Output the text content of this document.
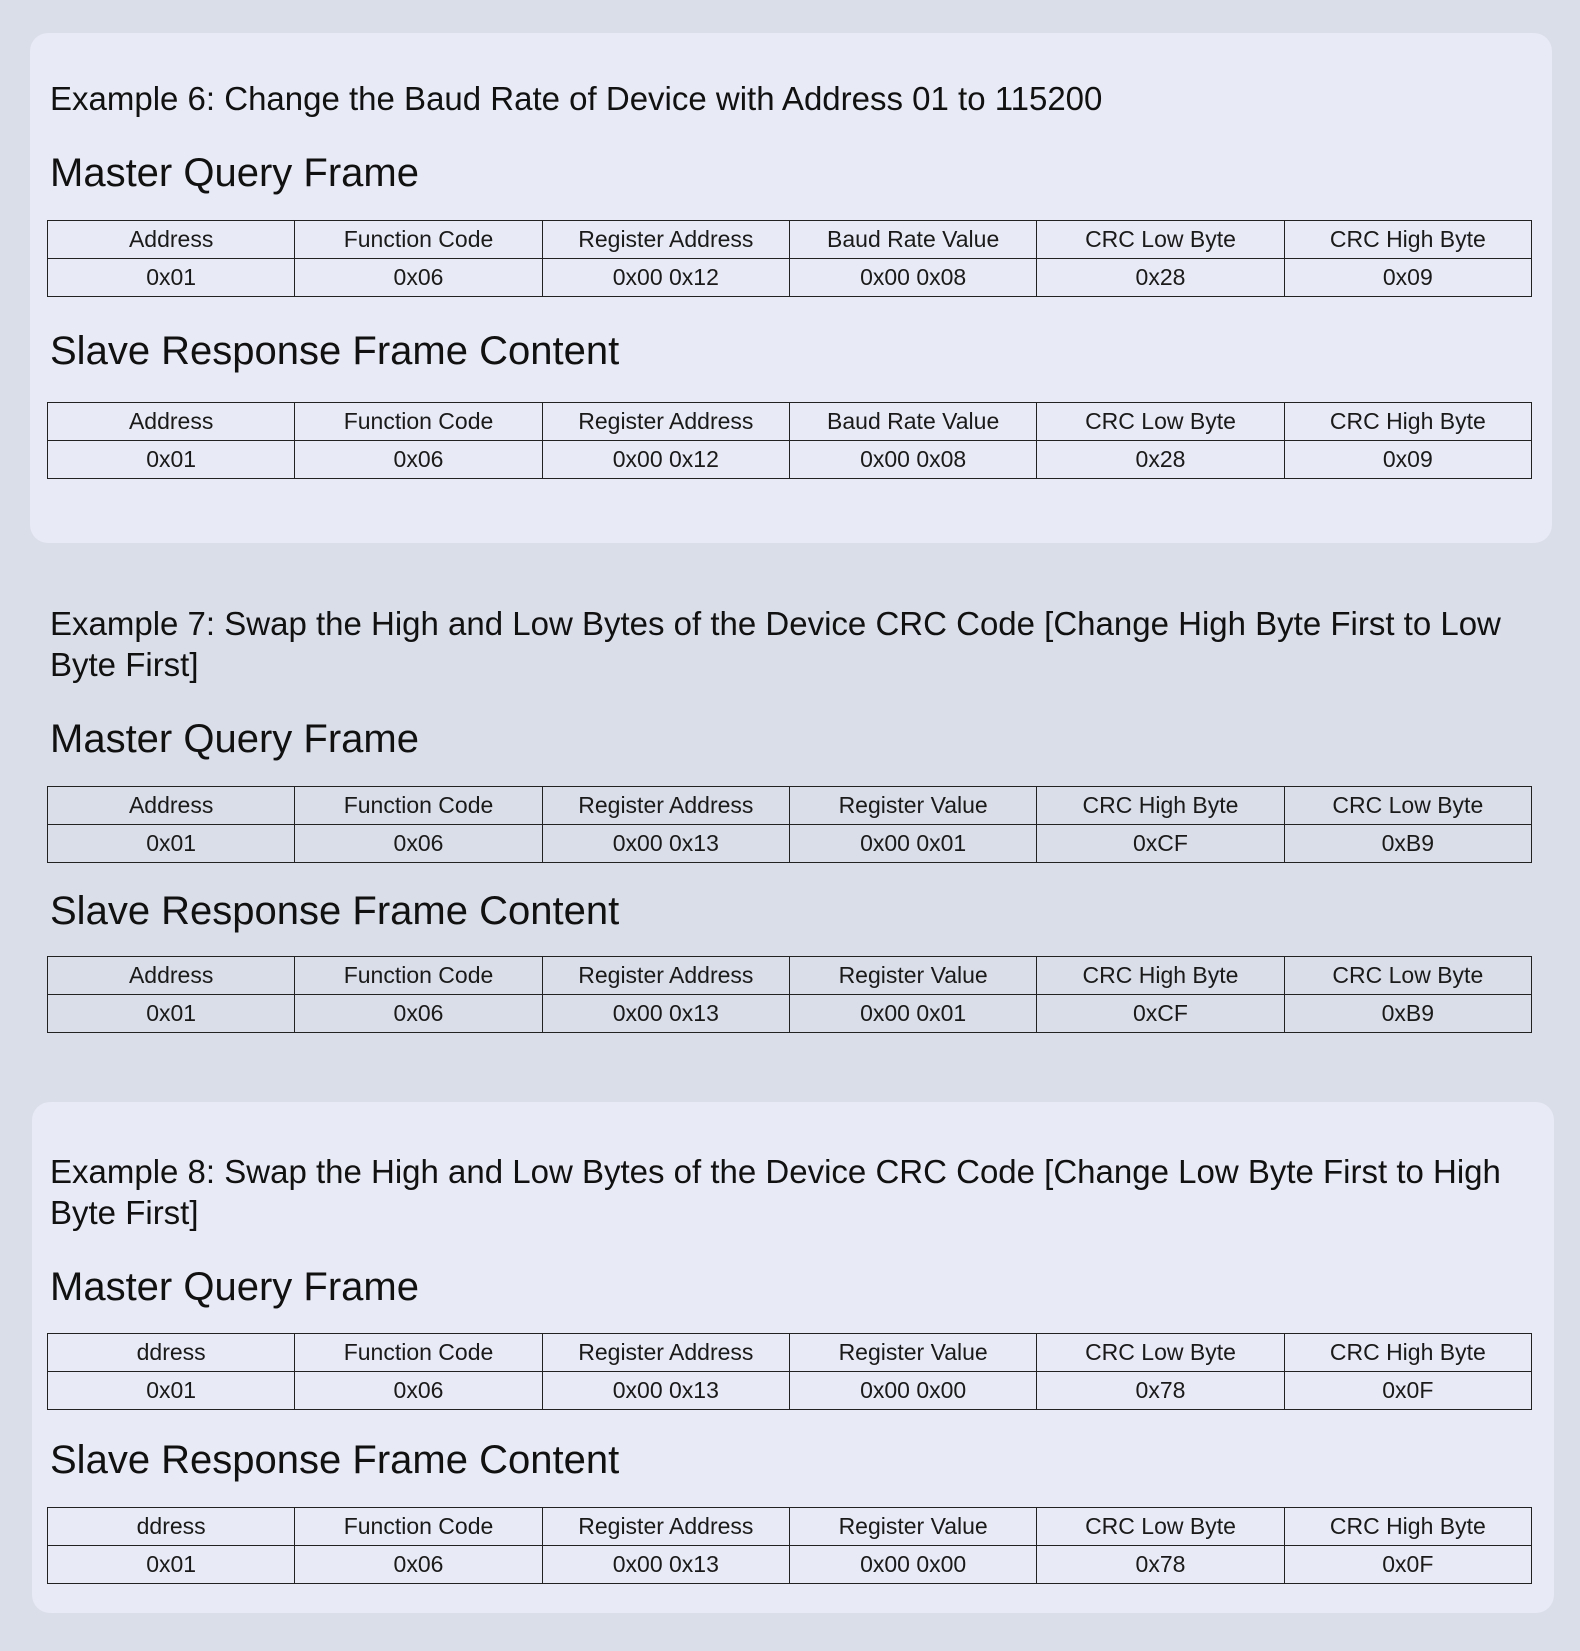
Example 6: Change the Baud Rate of Device with Address 01 to 115200
Master Query Frame
Address	Function Code	Register Address	Baud Rate Value	CRC Low Byte	CRC High Byte
0x01	0x06	0x00 0x12	0x00 0x08	0x28	0x09
Slave Response Frame Content
Address	Function Code	Register Address	Baud Rate Value	CRC Low Byte	CRC High Byte
0x01	0x06	0x00 0x12	0x00 0x08	0x28	0x09
Example 7: Swap the High and Low Bytes of the Device CRC Code [Change High Byte First to Low Byte First]
Master Query Frame
Address	Function Code	Register Address	Register Value	CRC High Byte	CRC Low Byte
0x01	0x06	0x00 0x13	0x00 0x01	0xCF	0xB9
Slave Response Frame Content
Address	Function Code	Register Address	Register Value	CRC High Byte	CRC Low Byte
0x01	0x06	0x00 0x13	0x00 0x01	0xCF	0xB9
Example 8: Swap the High and Low Bytes of the Device CRC Code [Change Low Byte First to High Byte First]
Master Query Frame
ddress	Function Code	Register Address	Register Value	CRC Low Byte	CRC High Byte
0x01	0x06	0x00 0x13	0x00 0x00	0x78	0x0F
Slave Response Frame Content
ddress	Function Code	Register Address	Register Value	CRC Low Byte	CRC High Byte
0x01	0x06	0x00 0x13	0x00 0x00	0x78	0x0F
